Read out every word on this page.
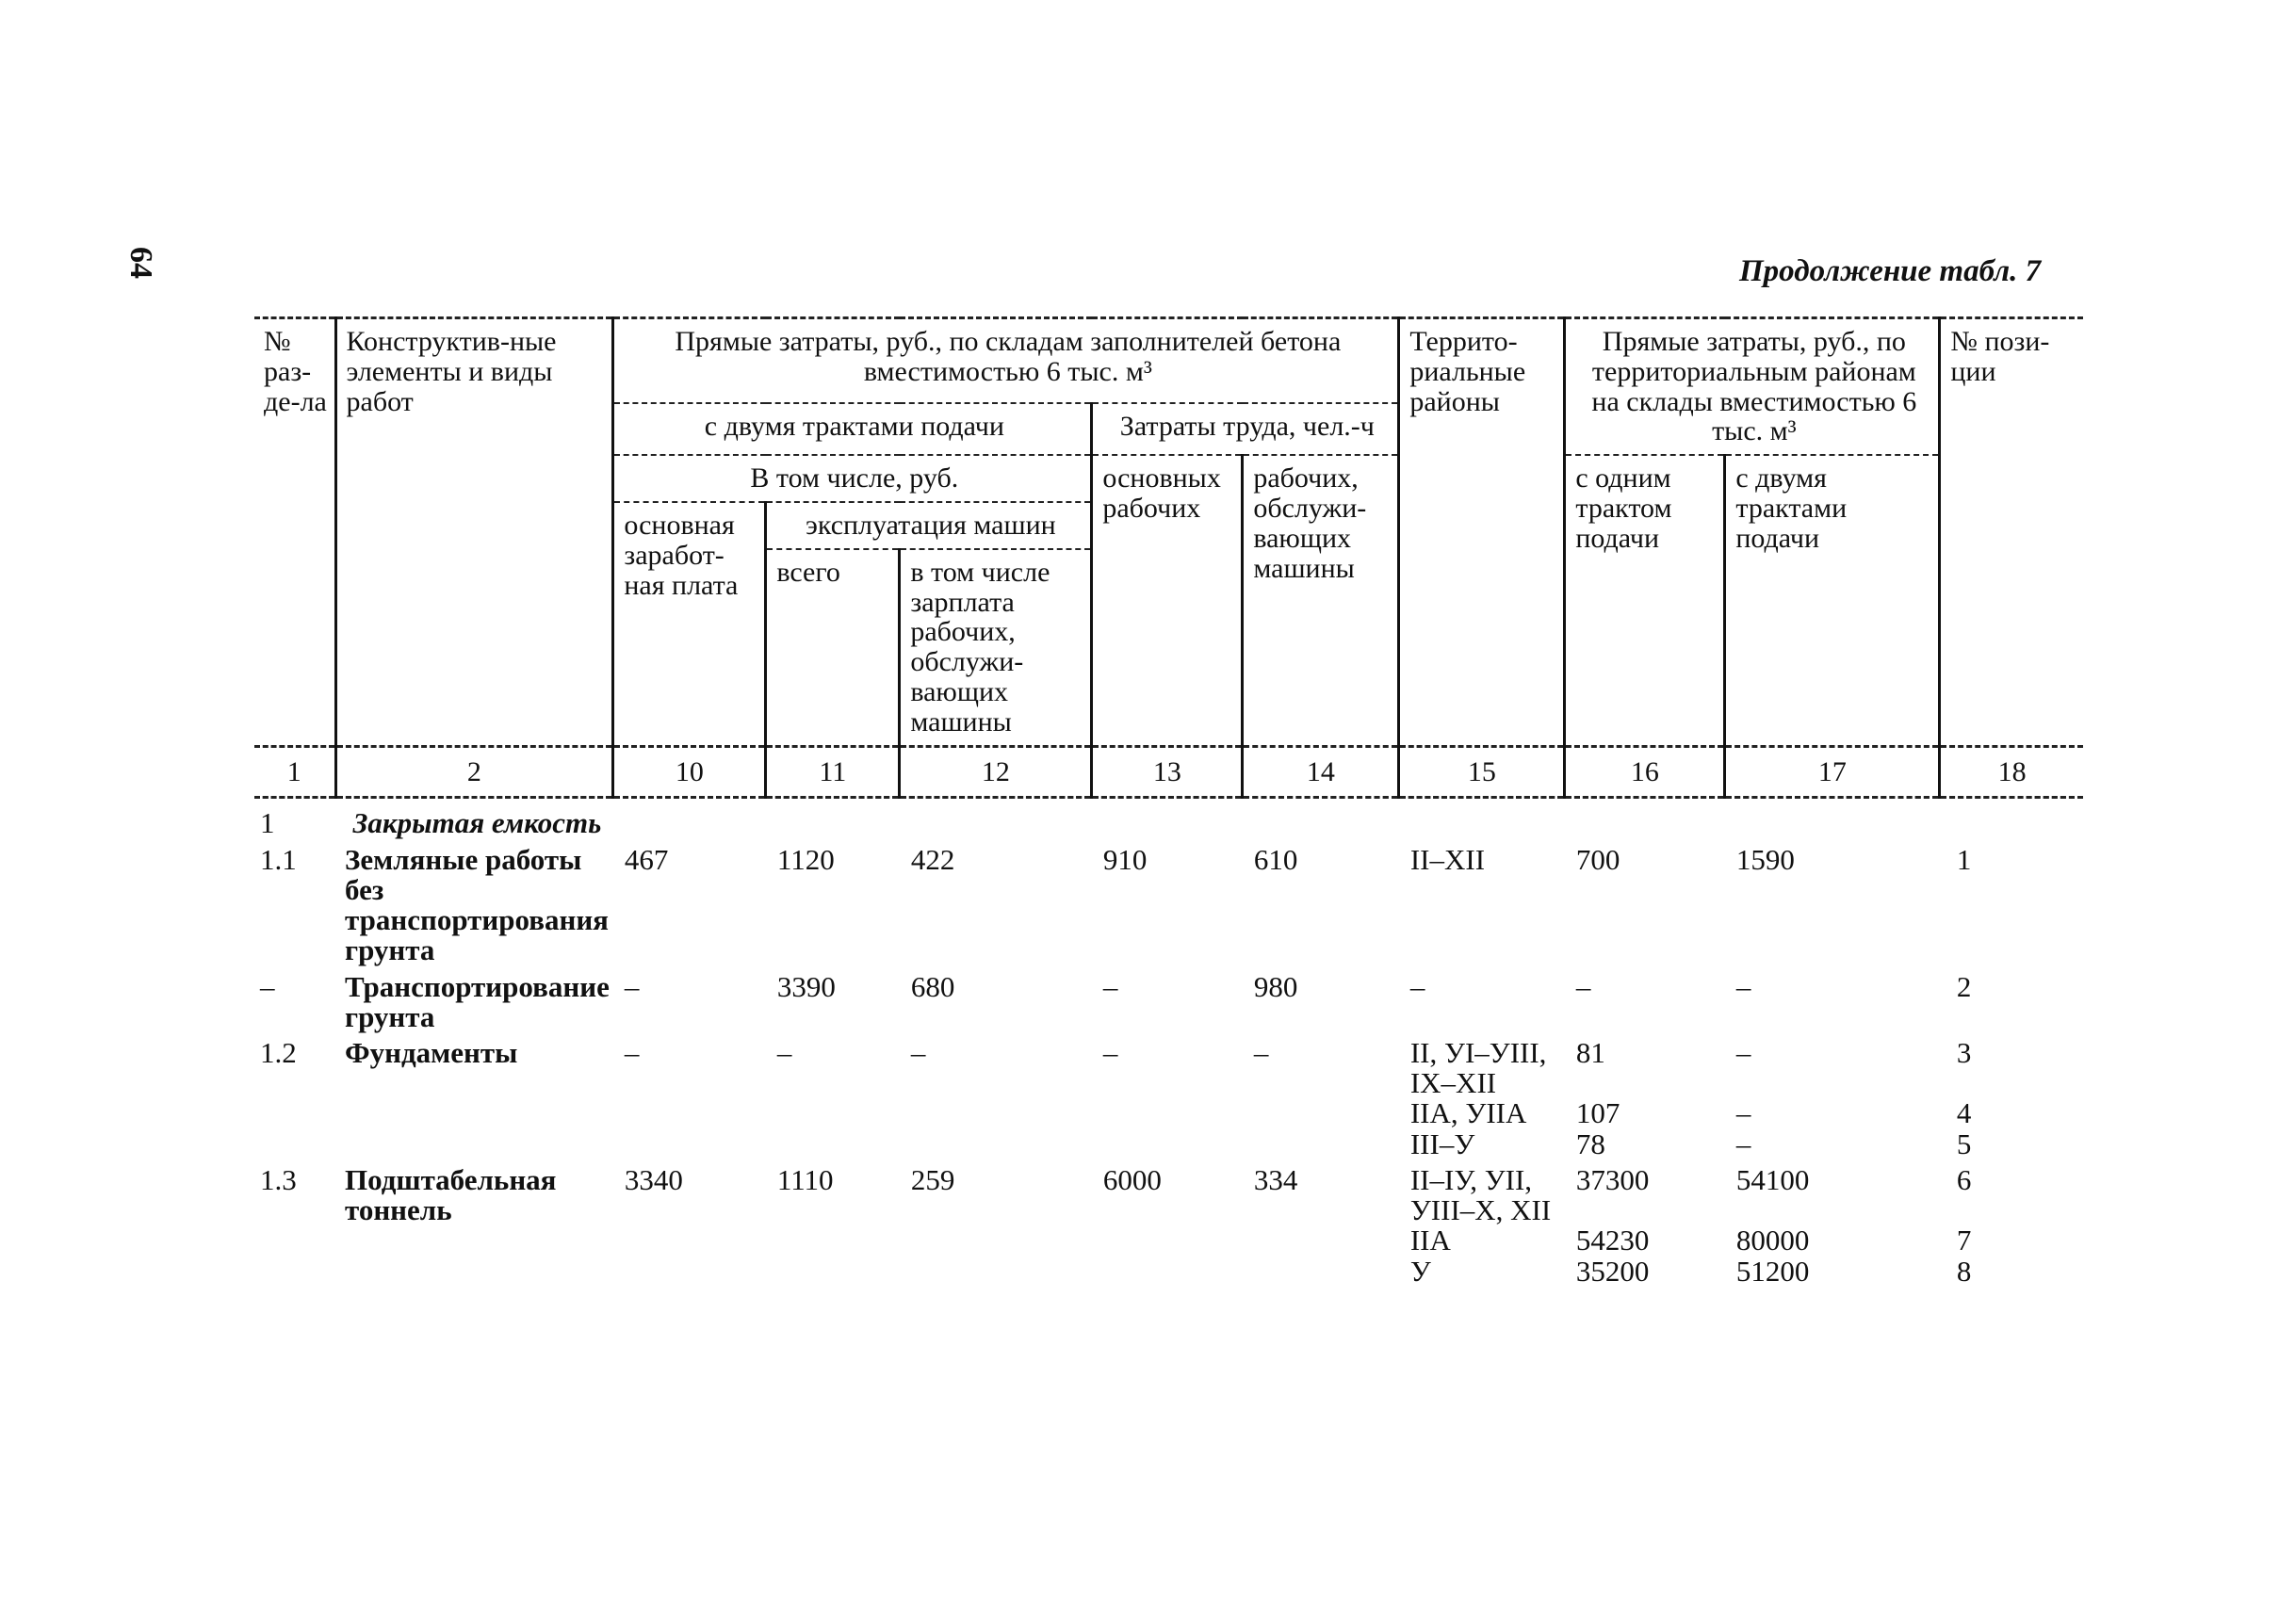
64	Продолжение табл. 7
№ раз-де-ла	Конструктив-ные элементы и виды работ	Прямые затраты, руб., по складам заполнителей бетона вместимостью 6 тыс. м³					Террито-риальные районы	Прямые затраты, руб., по территориальным районам на склады вместимостью 6 тыс. м³		№ пози-ции
		с двумя трактами подачи			Затраты труда, чел.-ч					
		В том числе, руб.			основных рабочих	рабочих, обслужи-вающих машины		с одним трактом подачи	с двумя трактами подачи	
		основная заработ-ная плата	эксплуатация машин							
			всего	в том числе зарплата рабочих, обслужи-вающих машины						
1	2	10	11	12	13	14	15	16	17	18
1	Закрытая емкость									
1.1	Земляные работы без транспортирования грунта	467	1120	422	910	610	II–XII	700	1590	1
–	Транспортирование грунта	–	3390	680	–	980	–	–	–	2
1.2	Фундаменты	–	–	–	–	–	II, УI–УIII, IX–XII	81	–	3
							IIA, УIIA	107	–	4
							III–У	78	–	5
1.3	Подштабельная тоннель	3340	1110	259	6000	334	II–IУ, УII, УIII–X, XII	37300	54100	6
							IIA	54230	80000	7
							У	35200	51200	8
